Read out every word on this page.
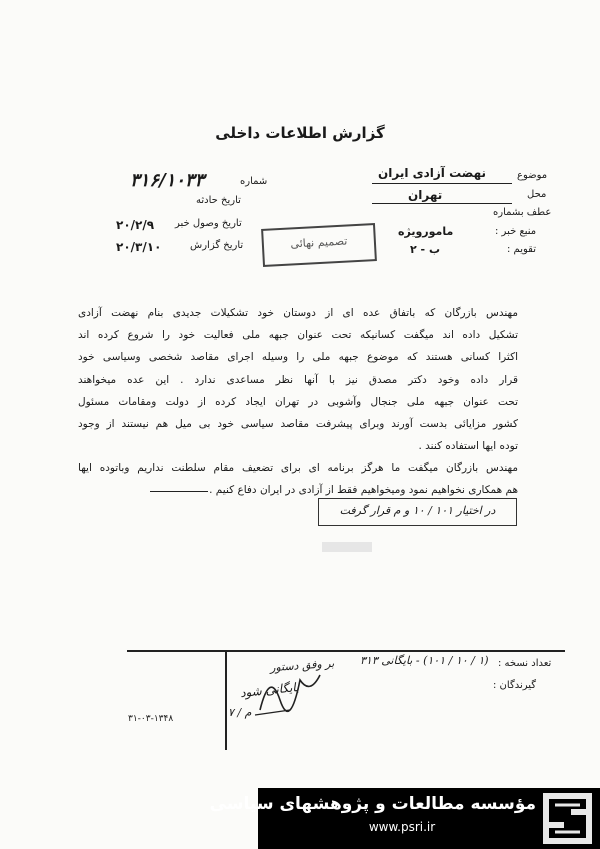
گزارش اطلاعات داخلی
شماره
۳۱۶/۱۰۳۳
تاریخ حادثه
تاریخ وصول خبر
۲۰/۲/۹
تاریخ گزارش
۲۰/۳/۱۰
موضوع
نهضت آزادی ایران
محل
تهران
عطف بشماره
منبع خبر :
مامورویژه
تقویم :
ب - ۲
تصمیم نهائی
مهندس بازرگان که باتفاق عده ای از دوستان خود تشکیلات جدیدی بنام نهضت آزادی
تشکیل داده اند میگفت کسانیکه تحت عنوان جبهه ملی فعالیت خود را شروع کرده اند
اکثرا کسانی هستند که موضوع جبهه ملی را وسیله اجرای مقاصد شخصی وسیاسی خود
قرار داده وخود دکتر مصدق نیز با آنها نظر مساعدی ندارد . این عده میخواهند
تحت عنوان جبهه ملی جنجال وآشوبی در تهران ایجاد کرده از دولت ومقامات مسئول
کشور مزایائی بدست آورند وبرای پیشرفت مقاصد سیاسی خود بی میل هم نیستند از وجود
توده ایها استفاده کنند .
مهندس بازرگان میگفت ما هرگز برنامه ای برای تضعیف مقام سلطنت نداریم وباتوده ایها
هم همکاری نخواهیم نمود ومیخواهیم فقط از آزادی در ایران دفاع کنیم .
در اختیار ۱۰۱ / ۱۰ و م قرار گرفت
تعداد نسخه :
گیرندگان :
(۱ / ۱۰ / ۱۰۱) - بایگانی ۳۱۳
بر وفق دستور
بایگانی شود
م / ۷
۳۱-۰۳-۱۳۴۸
مؤسسه مطالعات و پژوهشهای سیاسی
www.psri.ir
